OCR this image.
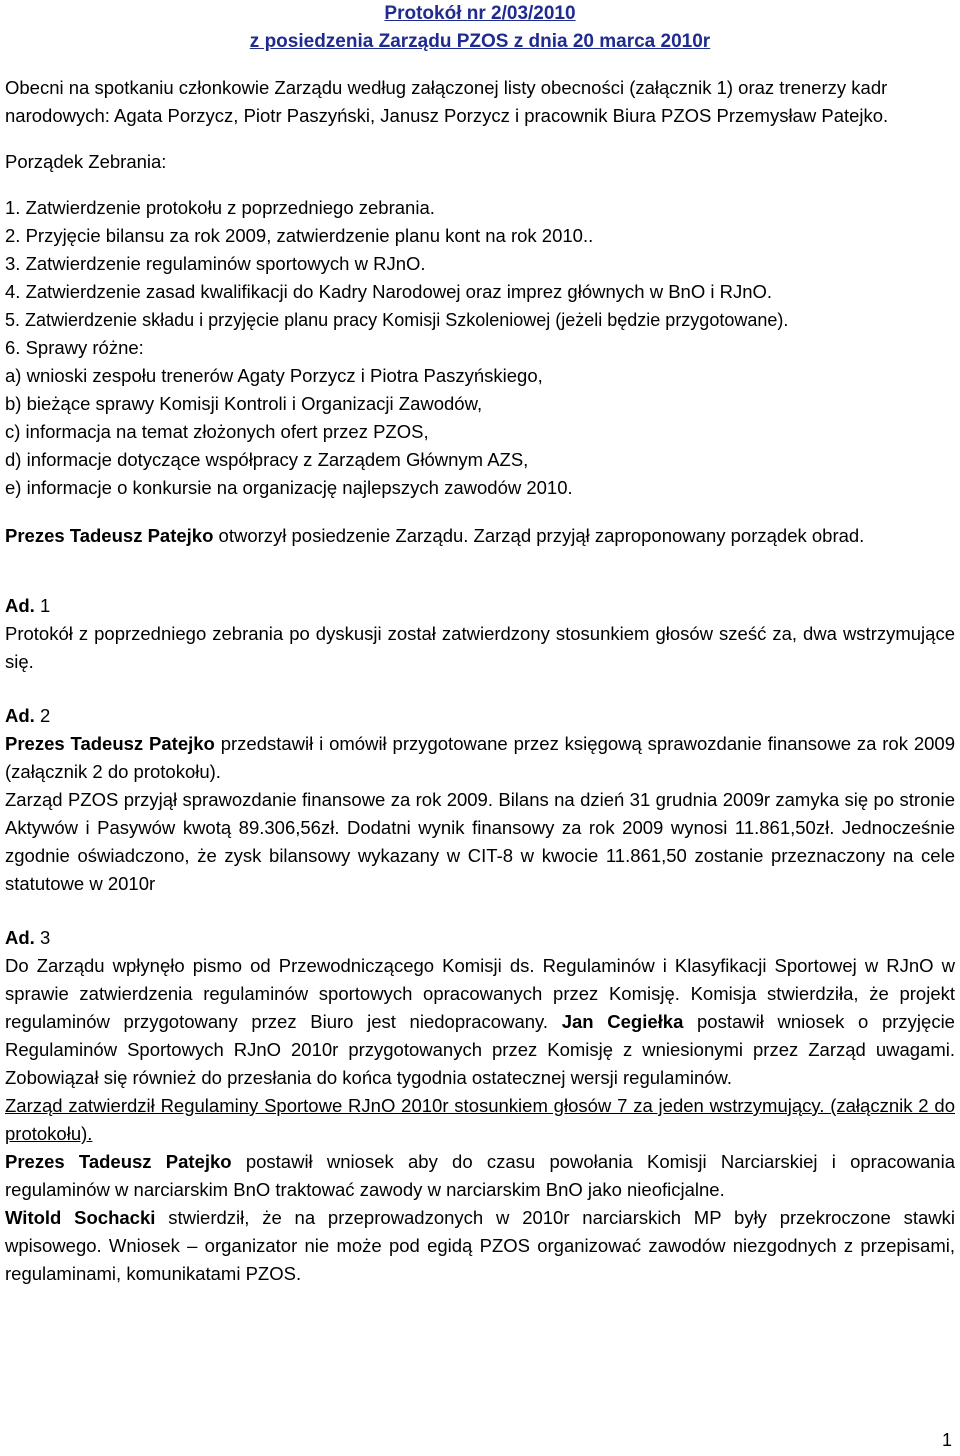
Protokół nr 2/03/2010
z posiedzenia Zarządu PZOS z dnia 20 marca 2010r

Obecni na spotkaniu członkowie Zarządu według załączonej listy obecności (załącznik 1) oraz trenerzy kadr narodowych: Agata Porzycz, Piotr Paszyński, Janusz Porzycz i pracownik Biura PZOS Przemysław Patejko.

Porządek Zebrania:

1. Zatwierdzenie protokołu z poprzedniego zebrania.
2. Przyjęcie bilansu za rok 2009, zatwierdzenie planu kont na rok 2010..
3. Zatwierdzenie regulaminów sportowych w RJnO.
4. Zatwierdzenie zasad kwalifikacji do Kadry Narodowej oraz imprez głównych w BnO i RJnO.
5. Zatwierdzenie składu i przyjęcie planu pracy Komisji Szkoleniowej (jeżeli będzie przygotowane).
6. Sprawy różne:
a) wnioski zespołu trenerów Agaty Porzycz i Piotra Paszyńskiego,
b) bieżące sprawy Komisji Kontroli i Organizacji Zawodów,
c) informacja na temat złożonych ofert przez PZOS,
d) informacje dotyczące współpracy z Zarządem Głównym AZS,
e) informacje o konkursie na organizację najlepszych zawodów 2010.

Prezes Tadeusz Patejko otworzył posiedzenie Zarządu. Zarząd przyjął zaproponowany porządek obrad.

Ad. 1

Protokół z poprzedniego zebrania po dyskusji został zatwierdzony stosunkiem głosów sześć za, dwa wstrzymujące się.

Ad. 2

Prezes Tadeusz Patejko przedstawił i omówił przygotowane przez księgową sprawozdanie finansowe za rok 2009 (załącznik 2 do protokołu).

Zarząd PZOS przyjął sprawozdanie finansowe za rok 2009. Bilans na dzień 31 grudnia 2009r zamyka się po stronie Aktywów i Pasywów kwotą 89.306,56zł. Dodatni wynik finansowy za rok 2009 wynosi 11.861,50zł. Jednocześnie zgodnie oświadczono, że zysk bilansowy wykazany w CIT-8 w kwocie 11.861,50 zostanie przeznaczony na cele statutowe w 2010r

Ad. 3

Do Zarządu wpłynęło pismo od Przewodniczącego Komisji ds. Regulaminów i Klasyfikacji Sportowej w RJnO w sprawie zatwierdzenia regulaminów sportowych opracowanych przez Komisję. Komisja stwierdziła, że projekt regulaminów przygotowany przez Biuro jest niedopracowany. Jan Cegiełka postawił wniosek o przyjęcie Regulaminów Sportowych RJnO 2010r przygotowanych przez Komisję z wniesionymi przez Zarząd uwagami. Zobowiązał się również do przesłania do końca tygodnia ostatecznej wersji regulaminów.

Zarząd zatwierdził Regulaminy Sportowe RJnO 2010r stosunkiem głosów 7 za jeden wstrzymujący. (załącznik 2 do protokołu).

Prezes Tadeusz Patejko postawił wniosek aby do czasu powołania Komisji Narciarskiej i opracowania regulaminów w narciarskim BnO traktować zawody w narciarskim BnO jako nieoficjalne.

Witold Sochacki stwierdził, że na przeprowadzonych w 2010r narciarskich MP były przekroczone stawki wpisowego. Wniosek – organizator nie może pod egidą PZOS organizować zawodów niezgodnych z przepisami, regulaminami, komunikatami PZOS.

1
